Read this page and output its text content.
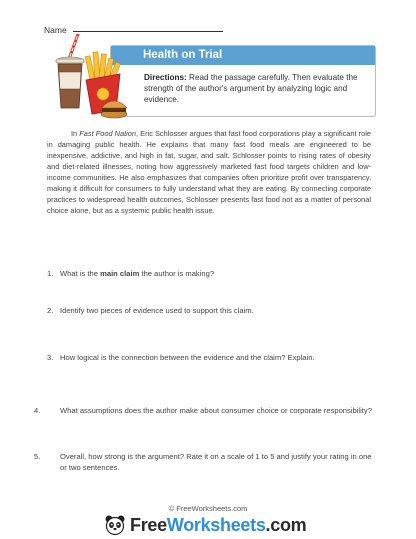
Name
Health on Trial
Directions: Read the passage carefully. Then evaluate the strength of the author's argument by analyzing logic and evidence.
In Fast Food Nation, Eric Schlosser argues that fast food corporations play a significant role in damaging public health. He explains that many fast food meals are engineered to be inexpensive, addictive, and high in fat, sugar, and salt. Schlosser points to rising rates of obesity and diet-related illnesses, noting how aggressively marketed fast food targets children and low-income communities. He also emphasizes that companies often prioritize profit over transparency, making it difficult for consumers to fully understand what they are eating. By connecting corporate practices to widespread health outcomes, Schlosser presents fast food not as a matter of personal choice alone, but as a systemic public health issue.
1. What is the main claim the author is making?
2. Identify two pieces of evidence used to support this claim.
3. How logical is the connection between the evidence and the claim? Explain.
4.	What assumptions does the author make about consumer choice or corporate responsibility?
5.	Overall, how strong is the argument? Rate it on a scale of 1 to 5 and justify your rating in one or two sentences.
© FreeWorksheets.com
FreeWorksheets.com
